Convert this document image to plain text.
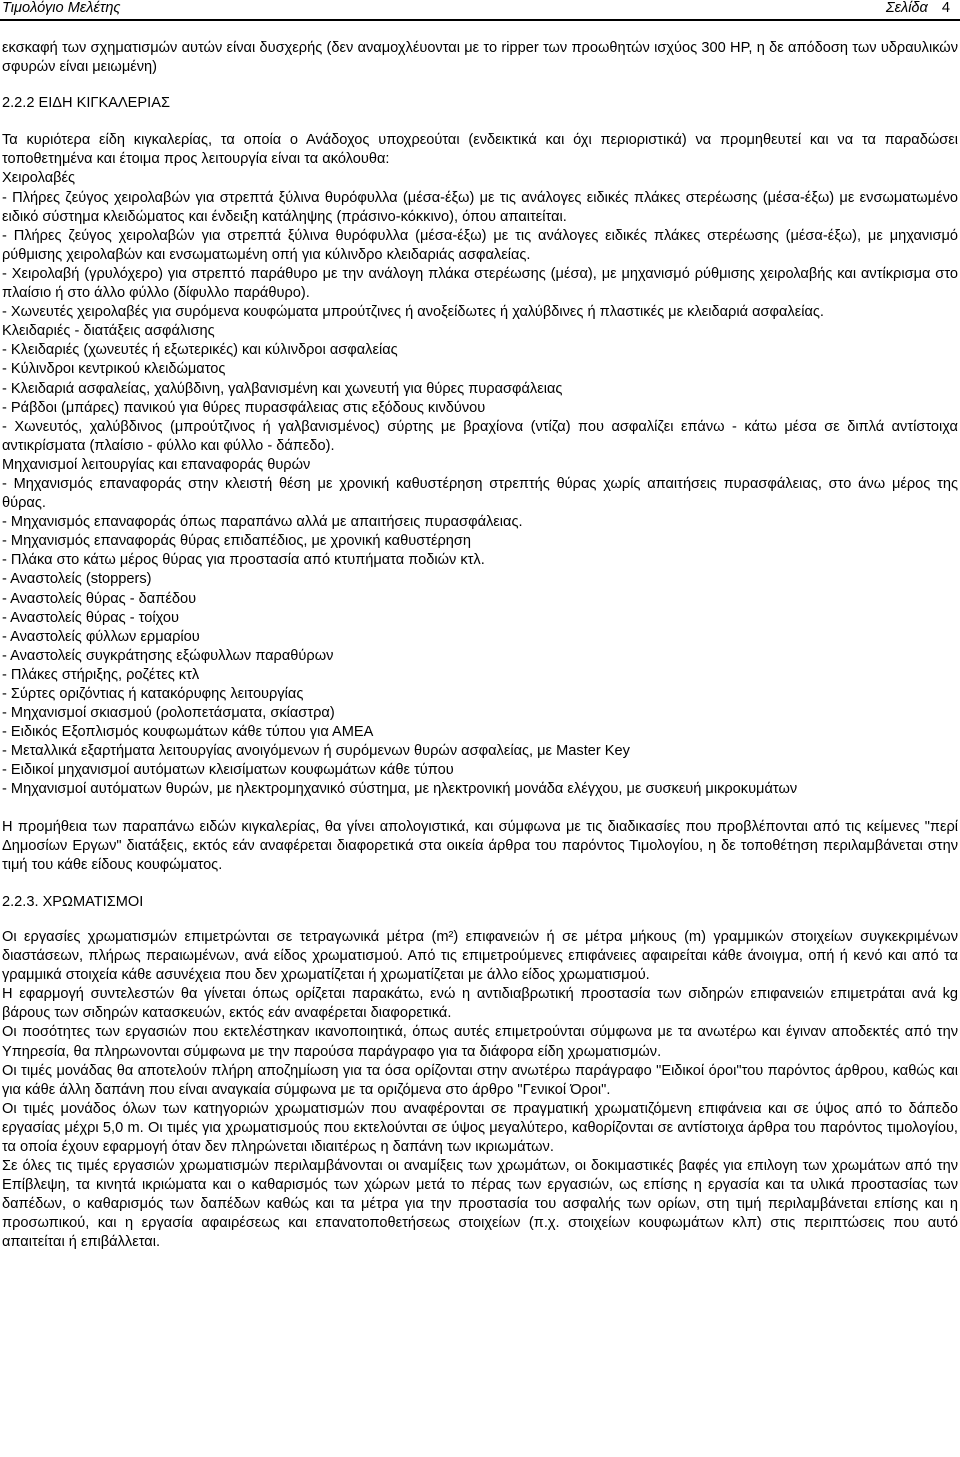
Τιμολόγιο Μελέτης	Σελίδα 4

εκσκαφή των σχηματισμών αυτών είναι δυσχερής (δεν αναμοχλέυονται με το ripper των προωθητών ισχύος 300 HP, η δε απόδοση των υδραυλικών σφυρών είναι μειωμένη)

2.2.2 ΕΙΔΗ ΚΙΓΚΑΛΕΡΙΑΣ

Τα κυριότερα είδη κιγκαλερίας, τα οποία ο Ανάδοχος υποχρεούται (ενδεικτικά και όχι περιοριστικά) να προμηθευτεί και να τα παραδώσει τοποθετημένα και έτοιμα προς λειτουργία είναι τα ακόλουθα:

Χειρολαβές

- Πλήρες ζεύγος χειρολαβών για στρεπτά ξύλινα θυρόφυλλα (μέσα-έξω) με τις ανάλογες ειδικές πλάκες στερέωσης (μέσα-έξω) με ενσωματωμένο ειδικό σύστημα κλειδώματος και ένδειξη κατάληψης (πράσινο-κόκκινο), όπου απαιτείται.

- Πλήρες ζεύγος χειρολαβών για στρεπτά ξύλινα θυρόφυλλα (μέσα-έξω) με τις ανάλογες ειδικές πλάκες στερέωσης (μέσα-έξω), με μηχανισμό ρύθμισης χειρολαβών και ενσωματωμένη οπή για κύλινδρο κλειδαριάς ασφαλείας.

- Χειρολαβή (γρυλόχερο) για στρεπτό παράθυρο με την ανάλογη πλάκα στερέωσης (μέσα), με μηχανισμό ρύθμισης χειρολαβής και αντίκρισμα στο πλαίσιο ή στο άλλο φύλλο (δίφυλλο παράθυρο).

- Χωνευτές χειρολαβές για συρόμενα κουφώματα μπρούτζινες ή ανοξείδωτες ή χαλύβδινες ή πλαστικές με κλειδαριά ασφαλείας.

Κλειδαριές - διατάξεις ασφάλισης

- Κλειδαριές (χωνευτές ή εξωτερικές) και κύλινδροι ασφαλείας

- Κύλινδροι κεντρικού κλειδώματος

- Κλειδαριά ασφαλείας, χαλύβδινη, γαλβανισμένη και χωνευτή για θύρες πυρασφάλειας

- Ράβδοι (μπάρες) πανικού για θύρες πυρασφάλειας στις εξόδους κινδύνου

- Χωνευτός, χαλύβδινος (μπρούτζινος ή γαλβανισμένος) σύρτης με βραχίονα (ντίζα) που ασφαλίζει επάνω - κάτω μέσα σε διπλά αντίστοιχα αντικρίσματα (πλαίσιο - φύλλο και φύλλο - δάπεδο).

Μηχανισμοί λειτουργίας και επαναφοράς θυρών

- Μηχανισμός επαναφοράς στην κλειστή θέση με χρονική καθυστέρηση στρεπτής θύρας χωρίς απαιτήσεις πυρασφάλειας, στο άνω μέρος της θύρας.

- Μηχανισμός επαναφοράς όπως παραπάνω αλλά με απαιτήσεις πυρασφάλειας.

- Μηχανισμός επαναφοράς θύρας επιδαπέδιος, με χρονική καθυστέρηση

- Πλάκα στο κάτω μέρος θύρας για προστασία από κτυπήματα ποδιών κτλ.

- Αναστολείς (stoppers)

- Αναστολείς θύρας - δαπέδου

- Αναστολείς θύρας - τοίχου

- Αναστολείς φύλλων ερμαρίου

- Αναστολείς συγκράτησης εξώφυλλων παραθύρων

- Πλάκες στήριξης, ροζέτες κτλ

- Σύρτες οριζόντιας ή κατακόρυφης λειτουργίας

- Μηχανισμοί σκιασμού (ρολοπετάσματα, σκίαστρα)

- Ειδικός Εξοπλισμός κουφωμάτων κάθε τύπου για ΑΜΕΑ

- Μεταλλικά εξαρτήματα λειτουργίας ανοιγόμενων ή συρόμενων θυρών ασφαλείας, με Master Key

- Ειδικοί μηχανισμοί αυτόματων κλεισίματων κουφωμάτων κάθε τύπου

- Μηχανισμοί αυτόματων θυρών, με ηλεκτρομηχανικό σύστημα, με ηλεκτρονική μονάδα ελέγχου, με συσκευή μικροκυμάτων

Η προμήθεια των παραπάνω ειδών κιγκαλερίας, θα γίνει απολογιστικά, και σύμφωνα με τις διαδικασίες που προβλέπονται από τις κείμενες "περί Δημοσίων Εργων" διατάξεις, εκτός εάν αναφέρεται διαφορετικά στα οικεία άρθρα του παρόντος Τιμολογίου, η δε τοποθέτηση περιλαμβάνεται στην τιμή του κάθε είδους κουφώματος.

2.2.3. ΧΡΩΜΑΤΙΣΜΟΙ

Οι εργασίες χρωματισμών επιμετρώνται σε τετραγωνικά μέτρα (m²) επιφανειών ή σε μέτρα μήκους (m) γραμμικών στοιχείων συγκεκριμένων διαστάσεων, πλήρως περαιωμένων, ανά είδος χρωματισμού. Από τις επιμετρούμενες επιφάνειες αφαιρείται κάθε άνοιγμα, οπή ή κενό και από τα γραμμικά στοιχεία κάθε ασυνέχεια που δεν χρωματίζεται ή χρωματίζεται με άλλο είδος χρωματισμού.

Η εφαρμογή συντελεστών θα γίνεται όπως ορίζεται παρακάτω, ενώ η αντιδιαβρωτική προστασία των σιδηρών επιφανειών επιμετράται ανά kg βάρους των σιδηρών κατασκευών, εκτός εάν αναφέρεται διαφορετικά.

Οι ποσότητες των εργασιών που εκτελέστηκαν ικανοποιητικά, όπως αυτές επιμετρούνται σύμφωνα με τα ανωτέρω και έγιναν αποδεκτές από την Υπηρεσία, θα πληρωνονται σύμφωνα με την παρούσα παράγραφο για τα διάφορα είδη χρωματισμών.

Οι τιμές μονάδας θα αποτελούν πλήρη αποζημίωση για τα όσα ορίζονται στην ανωτέρω παράγραφο "Ειδικοί όροι"του παρόντος άρθρου, καθώς και για κάθε άλλη δαπάνη που είναι αναγκαία σύμφωνα με τα οριζόμενα στο άρθρο "Γενικοί Όροι".

Οι τιμές μονάδος όλων των κατηγοριών χρωματισμών που αναφέρονται σε πραγματική χρωματιζόμενη επιφάνεια και σε ύψος από το δάπεδο εργασίας μέχρι 5,0 m. Οι τιμές για χρωματισμούς που εκτελούνται σε ύψος μεγαλύτερο, καθορίζονται σε αντίστοιχα άρθρα του παρόντος τιμολογίου, τα οποία έχουν εφαρμογή όταν δεν πληρώνεται ιδιαιτέρως η δαπάνη των ικριωμάτων.

Σε όλες τις τιμές εργασιών χρωματισμών περιλαμβάνονται οι αναμίξεις των χρωμάτων, οι δοκιμαστικές βαφές για επιλογη των χρωμάτων από την Επίβλεψη, τα κινητά ικριώματα και ο καθαρισμός των χώρων μετά το πέρας των εργασιών, ως επίσης η εργασία και τα υλικά προστασίας των δαπέδων, ο καθαρισμός των δαπέδων καθώς και τα μέτρα για την προστασία του ασφαλής των ορίων, στη τιμή περιλαμβάνεται επίσης και η προσωπικού, και η εργασία αφαιρέσεως και επανατοποθετήσεως στοιχείων (π.χ. στοιχείων κουφωμάτων κλπ) στις περιπτώσεις που αυτό απαιτείται ή επιβάλλεται.
